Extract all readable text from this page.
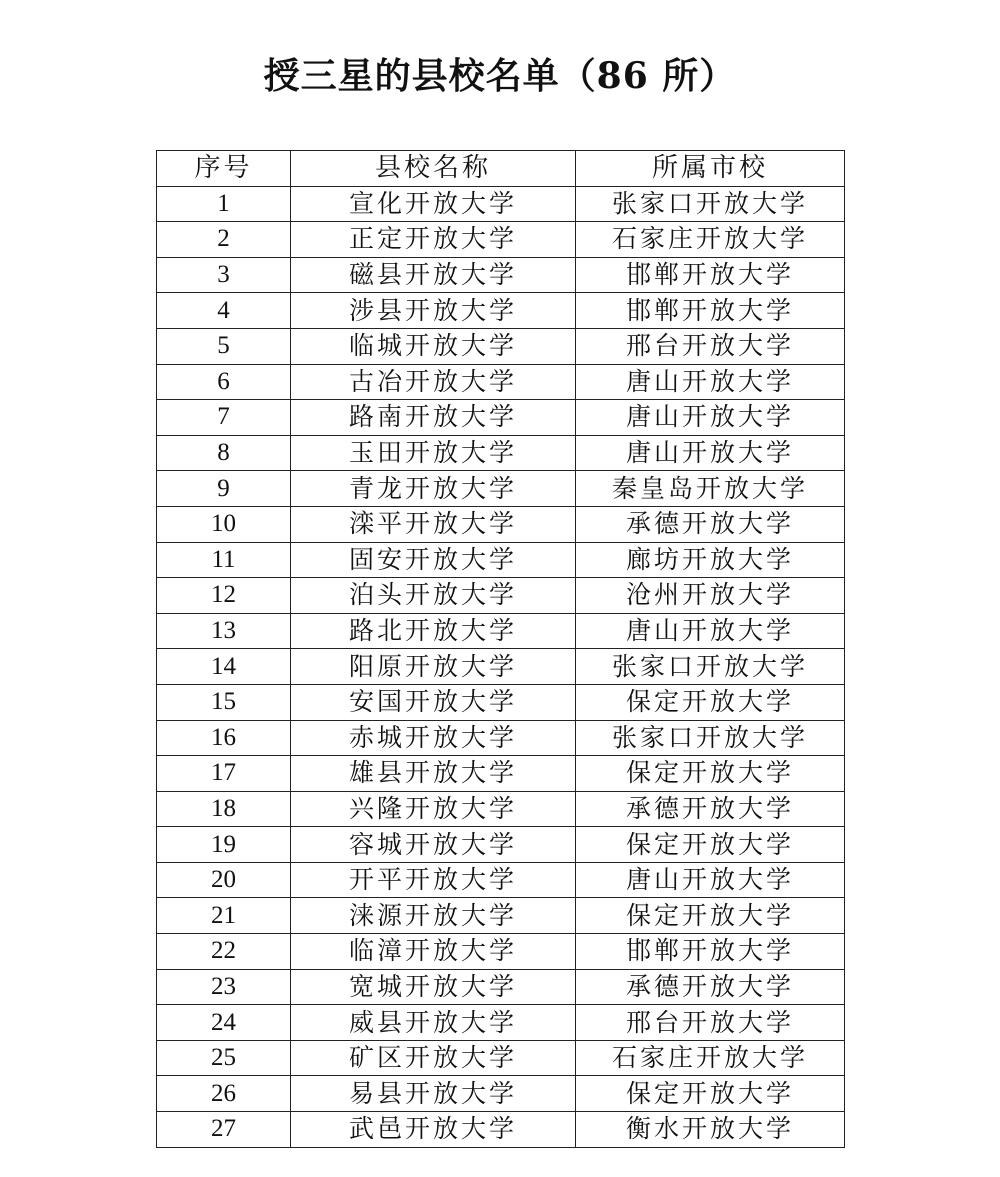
授三星的县校名单（86 所）
序号	县校名称	所属市校
1	宣化开放大学	张家口开放大学
2	正定开放大学	石家庄开放大学
3	磁县开放大学	邯郸开放大学
4	涉县开放大学	邯郸开放大学
5	临城开放大学	邢台开放大学
6	古冶开放大学	唐山开放大学
7	路南开放大学	唐山开放大学
8	玉田开放大学	唐山开放大学
9	青龙开放大学	秦皇岛开放大学
10	滦平开放大学	承德开放大学
11	固安开放大学	廊坊开放大学
12	泊头开放大学	沧州开放大学
13	路北开放大学	唐山开放大学
14	阳原开放大学	张家口开放大学
15	安国开放大学	保定开放大学
16	赤城开放大学	张家口开放大学
17	雄县开放大学	保定开放大学
18	兴隆开放大学	承德开放大学
19	容城开放大学	保定开放大学
20	开平开放大学	唐山开放大学
21	涞源开放大学	保定开放大学
22	临漳开放大学	邯郸开放大学
23	宽城开放大学	承德开放大学
24	威县开放大学	邢台开放大学
25	矿区开放大学	石家庄开放大学
26	易县开放大学	保定开放大学
27	武邑开放大学	衡水开放大学
